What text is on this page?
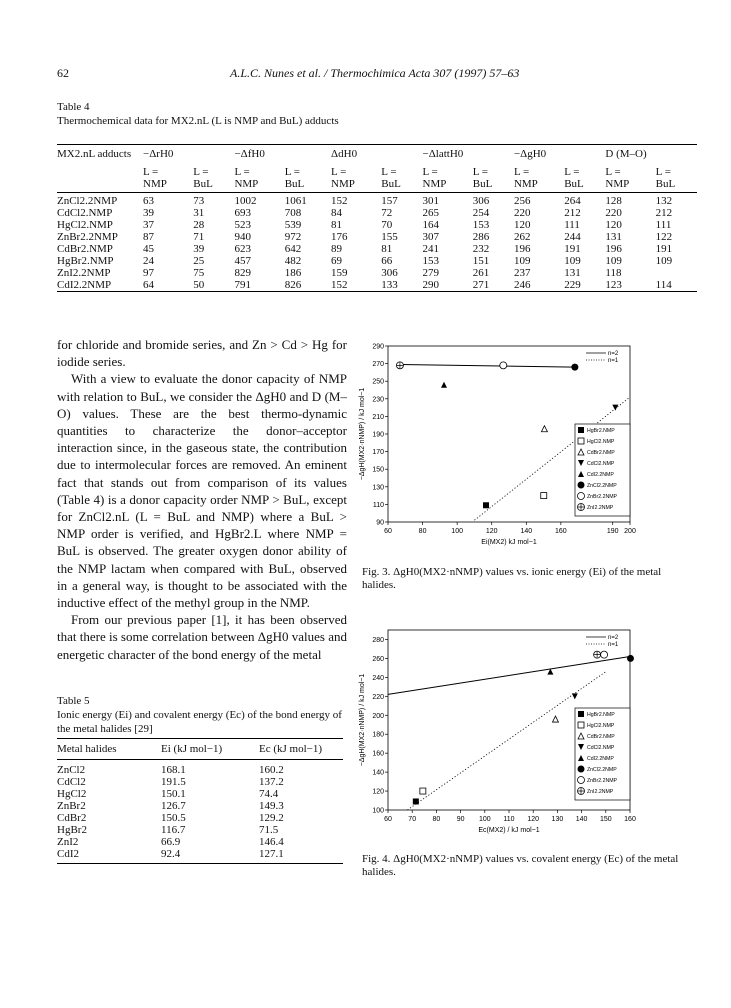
62	A.L.C. Nunes et al. / Thermochimica Acta 307 (1997) 57–63
Table 4
Thermochemical data for MX2.nL (L is NMP and BuL) adducts
MX2.nL adducts	−ΔrH0		−ΔfH0		ΔdH0		−ΔlattH0		−ΔgH0		D (M–O)	
	L =	L =	L =	L =	L =	L =	L =	L =	L =	L =	L =	L =
	NMP	BuL	NMP	BuL	NMP	BuL	NMP	BuL	NMP	BuL	NMP	BuL
ZnCl2.2NMP	63	73	1002	1061	152	157	301	306	256	264	128	132
CdCl2.NMP	39	31	693	708	84	72	265	254	220	212	220	212
HgCl2.NMP	37	28	523	539	81	70	164	153	120	111	120	111
ZnBr2.2NMP	87	71	940	972	176	155	307	286	262	244	131	122
CdBr2.NMP	45	39	623	642	89	81	241	232	196	191	196	191
HgBr2.NMP	24	25	457	482	69	66	153	151	109	109	109	109
ZnI2.2NMP	97	75	829	186	159	306	279	261	237	131	118	
CdI2.2NMP	64	50	791	826	152	133	290	271	246	229	123	114

for chloride and bromide series, and Zn > Cd > Hg for iodide series.

With a view to evaluate the donor capacity of NMP with relation to BuL, we consider the ΔgH0 and D (M–O) values. These are the best thermo-dynamic quantities to characterize the donor–acceptor interaction since, in the gaseous state, the contribution due to intermolecular forces are removed. An eminent fact that stands out from comparison of its values (Table 4) is a donor capacity order NMP > BuL, except for ZnCl2.nL (L = BuL and NMP) where a BuL > NMP order is verified, and HgBr2.L where NMP = BuL is observed. The greater oxygen donor ability of the NMP lactam when compared with BuL, observed in a general way, is thought to be associated with the inductive effect of the methyl group in the NMP.

From our previous paper [1], it has been observed that there is some correlation between ΔgH0 values and energetic character of the bond energy of the metal

Table 5
Ionic energy (Ei) and covalent energy (Ec) of the bond energy of the metal halides [29]
Metal halides	Ei (kJ mol−1)	Ec (kJ mol−1)
ZnCl2	168.1	160.2
CdCl2	191.5	137.2
HgCl2	150.1	74.4
ZnBr2	126.7	149.3
CdBr2	150.5	129.2
HgBr2	116.7	71.5
ZnI2	66.9	146.4
CdI2	92.4	127.1
90
110
130
150
170
190
210
230
250
270
290
60	80	100	120	140	160	190 200
Ei(MX2) kJ mol−1
−ΔgH(MX2·nNMP) / kJ mol−1
n=2
n=1
HgBr2.NMP
HgCl2.NMP
CdBr2.NMP
CdCl2.NMP
CdI2.2NMP
ZnCl2.2NMP
ZnBr2.2NMP
ZnI2.2NMP
Fig. 3. ΔgH0(MX2·nNMP) values vs. ionic energy (Ei) of the metal halides.
100
120
140
160
180
200
220
240
260
280
60 70 80 90 100 110 120 130 140 150 160
Ec(MX2) / kJ mol−1
−ΔgH(MX2·nNMP) / kJ mol−1
n=2
n=1
HgBr2.NMP
HgCl2.NMP
CdBr2.NMP
CdCl2.NMP
CdI2.2NMP
ZnCl2.2NMP
ZnBr2.2NMP
ZnI2.2NMP
Fig. 4. ΔgH0(MX2·nNMP) values vs. covalent energy (Ec) of the metal halides.
